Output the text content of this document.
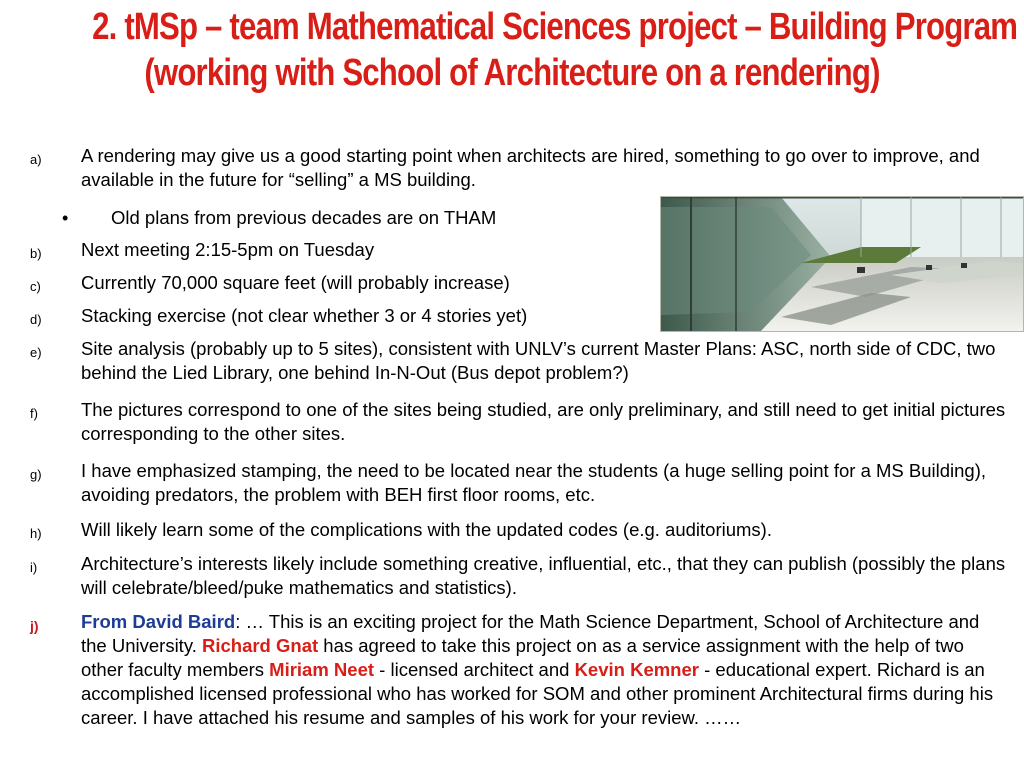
2. tMSp – team Mathematical Sciences project – Building Program
(working with School of Architecture on a rendering)
a) A rendering may give us a good starting point when architects are hired, something to go over to improve, and available in the future for “selling” a MS building.
• Old plans from previous decades are on THAM
b) Next meeting 2:15-5pm on Tuesday
c) Currently 70,000 square feet (will probably increase)
d) Stacking exercise (not clear whether 3 or 4 stories yet)
e) Site analysis (probably up to 5 sites), consistent with UNLV’s current Master Plans: ASC, north side of CDC, two behind the Lied Library, one behind In-N-Out (Bus depot problem?)
f) The pictures correspond to one of the sites being studied, are only preliminary, and still need to get initial pictures corresponding to the other sites.
g) I have emphasized stamping, the need to be located near the students (a huge selling point for a MS Building), avoiding predators, the problem with BEH first floor rooms, etc.
h) Will likely learn some of the complications with the updated codes (e.g. auditoriums).
i) Architecture’s interests likely include something creative, influential, etc., that they can publish (possibly the plans will celebrate/bleed/puke mathematics and statistics).
j) From David Baird: … This is an exciting project for the Math Science Department, School of Architecture and the University. Richard Gnat has agreed to take this project on as a service assignment with the help of two other faculty members Miriam Neet - licensed architect and Kevin Kemner - educational expert. Richard is an accomplished licensed professional who has worked for SOM and other prominent Architectural firms during his career. I have attached his resume and samples of his work for your review. ……
